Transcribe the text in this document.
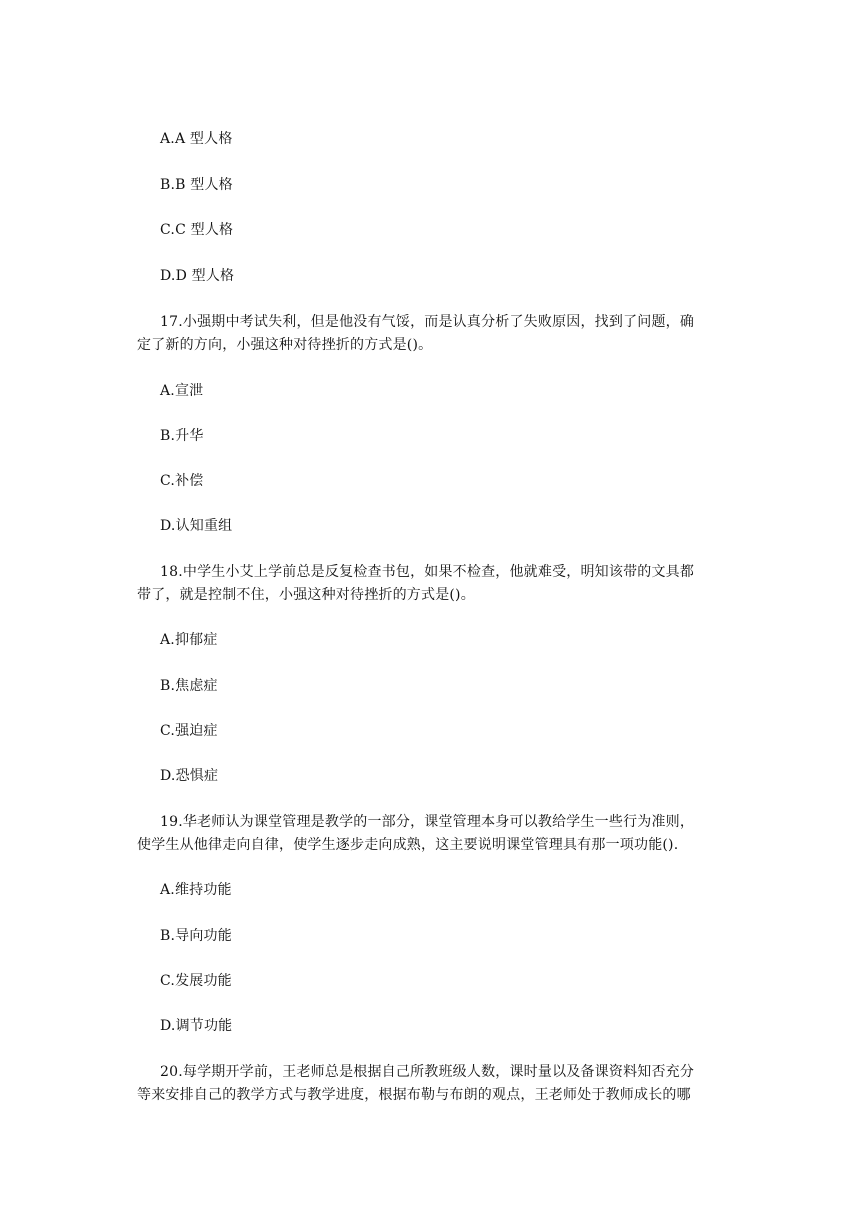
A.A 型人格
B.B 型人格
C.C 型人格
D.D 型人格
17.小强期中考试失利，但是他没有气馁，而是认真分析了失败原因，找到了问题，确
定了新的方向，小强这种对待挫折的方式是()。
A.宣泄
B.升华
C.补偿
D.认知重组
18.中学生小艾上学前总是反复检查书包，如果不检查，他就难受，明知该带的文具都
带了，就是控制不住，小强这种对待挫折的方式是()。
A.抑郁症
B.焦虑症
C.强迫症
D.恐惧症
19.华老师认为课堂管理是教学的一部分，课堂管理本身可以教给学生一些行为准则，
使学生从他律走向自律，使学生逐步走向成熟，这主要说明课堂管理具有那一项功能().
A.维持功能
B.导向功能
C.发展功能
D.调节功能
20.每学期开学前，王老师总是根据自己所教班级人数，课时量以及备课资料知否充分
等来安排自己的教学方式与教学进度，根据布勒与布朗的观点，王老师处于教师成长的哪
